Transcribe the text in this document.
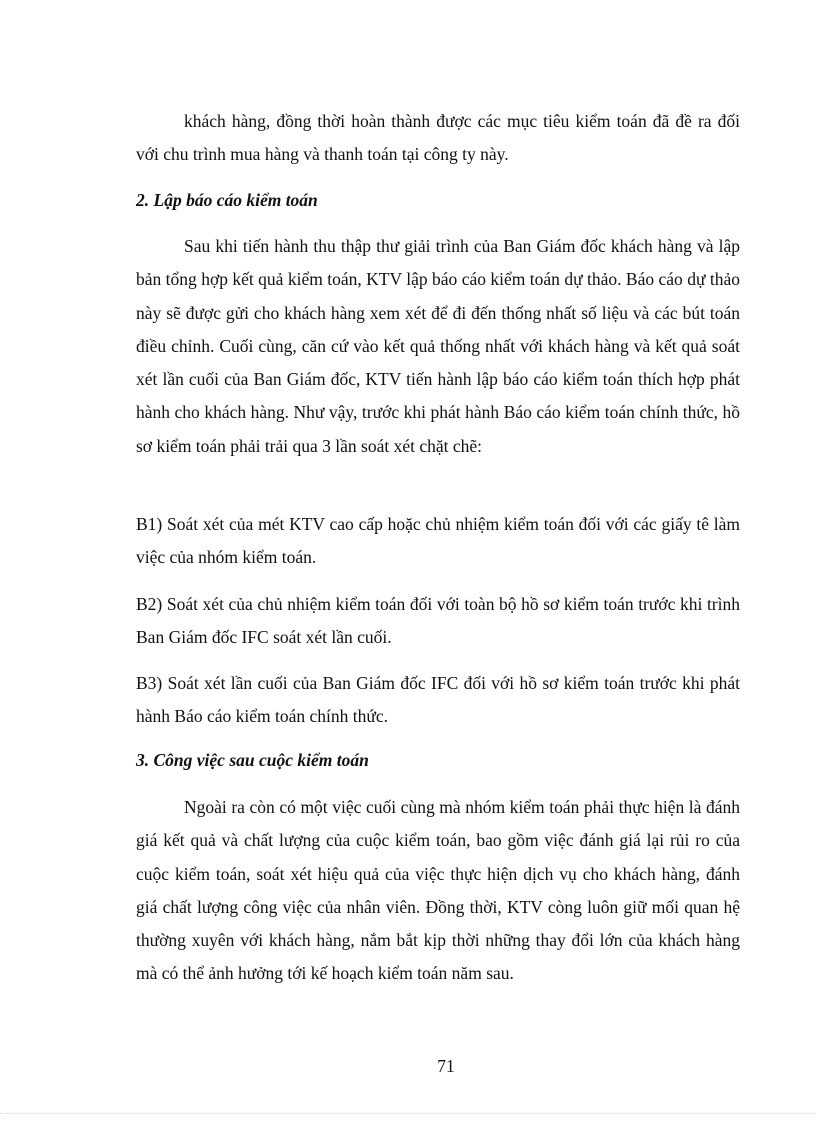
khách hàng, đồng thời hoàn thành được các mục tiêu kiểm toán đã đề ra đối với chu trình mua hàng và thanh toán tại công ty này.

2. Lập báo cáo kiểm toán

Sau khi tiến hành thu thập thư giải trình của Ban Giám đốc khách hàng và lập bản tổng hợp kết quả kiểm toán, KTV lập báo cáo kiểm toán dự thảo. Báo cáo dự thảo này sẽ được gửi cho khách hàng xem xét để đi đến thống nhất số liệu và các bút toán điều chỉnh. Cuối cùng, căn cứ vào kết quả thống nhất với khách hàng và kết quả soát xét lần cuối của Ban Giám đốc, KTV tiến hành lập báo cáo kiểm toán thích hợp phát hành cho khách hàng. Như vậy, trước khi phát hành Báo cáo kiểm toán chính thức, hồ sơ kiểm toán phải trải qua 3 lần soát xét chặt chẽ:

B1) Soát xét của mét KTV cao cấp hoặc chủ nhiệm kiểm toán đối với các giấy tê làm việc của nhóm kiểm toán.

B2) Soát xét của chủ nhiệm kiểm toán đối với toàn bộ hồ sơ kiểm toán trước khi trình Ban Giám đốc IFC soát xét lần cuối.

B3) Soát xét lần cuối của Ban Giám đốc IFC đối với hồ sơ kiểm toán trước khi phát hành Báo cáo kiểm toán chính thức.

3. Công việc sau cuộc kiểm toán

Ngoài ra còn có một việc cuối cùng mà nhóm kiểm toán phải thực hiện là đánh giá kết quả và chất lượng của cuộc kiểm toán, bao gồm việc đánh giá lại rủi ro của cuộc kiểm toán, soát xét hiệu quả của việc thực hiện dịch vụ cho khách hàng, đánh giá chất lượng công việc của nhân viên. Đồng thời, KTV còng luôn giữ mối quan hệ thường xuyên với khách hàng, nắm bắt kịp thời những thay đổi lớn của khách hàng mà có thể ảnh hưởng tới kế hoạch kiểm toán năm sau.

71
